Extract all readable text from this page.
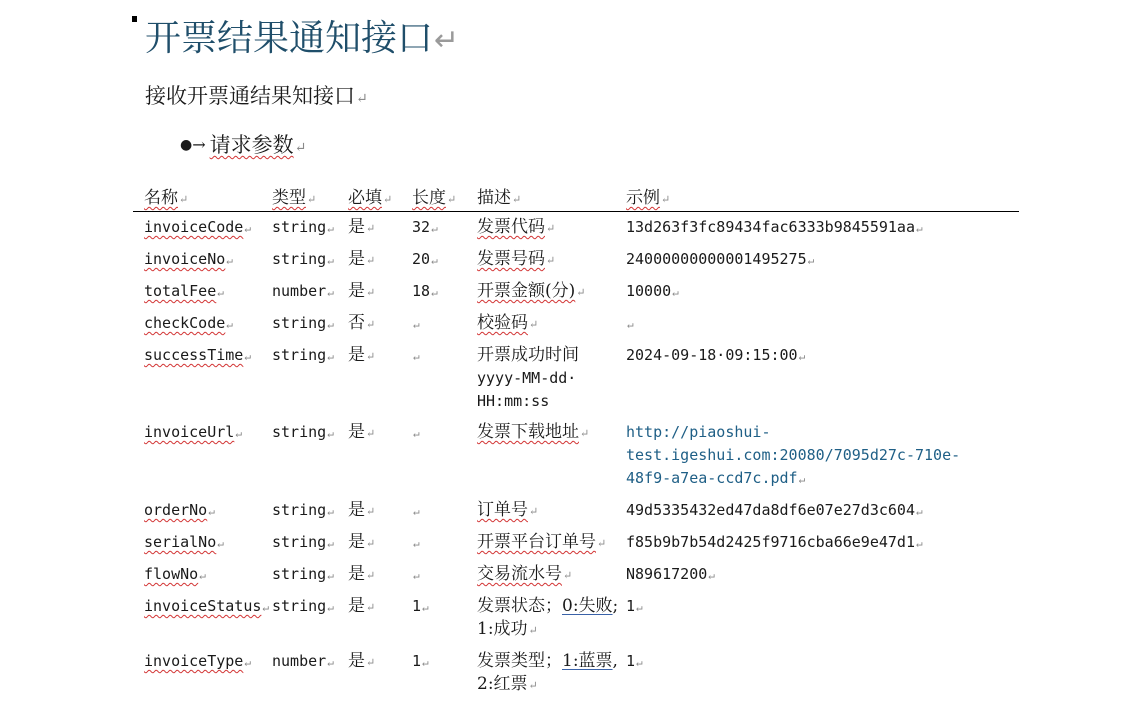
开票结果通知接口↵

接收开票通结果知接口↵

●→ 请求参数↵
名称↵	类型↵	必填↵	长度↵	描述↵	示例↵
invoiceCode↵	string↵	是↵	32↵	发票代码↵	13d263f3fc89434fac6333b9845591aa↵
invoiceNo↵	string↵	是↵	20↵	发票号码↵	24000000000001495275↵
totalFee↵	number↵	是↵	18↵	开票金额(分)↵	10000↵
checkCode↵	string↵	否↵	↵	校验码↵	↵
successTime↵	string↵	是↵	↵	开票成功时间
yyyy-MM-dd·
HH:mm:ss	2024-09-18·09:15:00↵
invoiceUrl↵	string↵	是↵	↵	发票下载地址↵	http://piaoshui-
test.igeshui.com:20080/7095d27c-710e-
48f9-a7ea-ccd7c.pdf↵
orderNo↵	string↵	是↵	↵	订单号↵	49d5335432ed47da8df6e07e27d3c604↵
serialNo↵	string↵	是↵	↵	开票平台订单号↵	f85b9b7b54d2425f9716cba66e9e47d1↵
flowNo↵	string↵	是↵	↵	交易流水号↵	N89617200↵
invoiceStatus↵	string↵	是↵	1↵	发票状态；0:失败;1:成功↵	1↵
invoiceType↵	number↵	是↵	1↵	发票类型；1:蓝票,2:红票↵	1↵
